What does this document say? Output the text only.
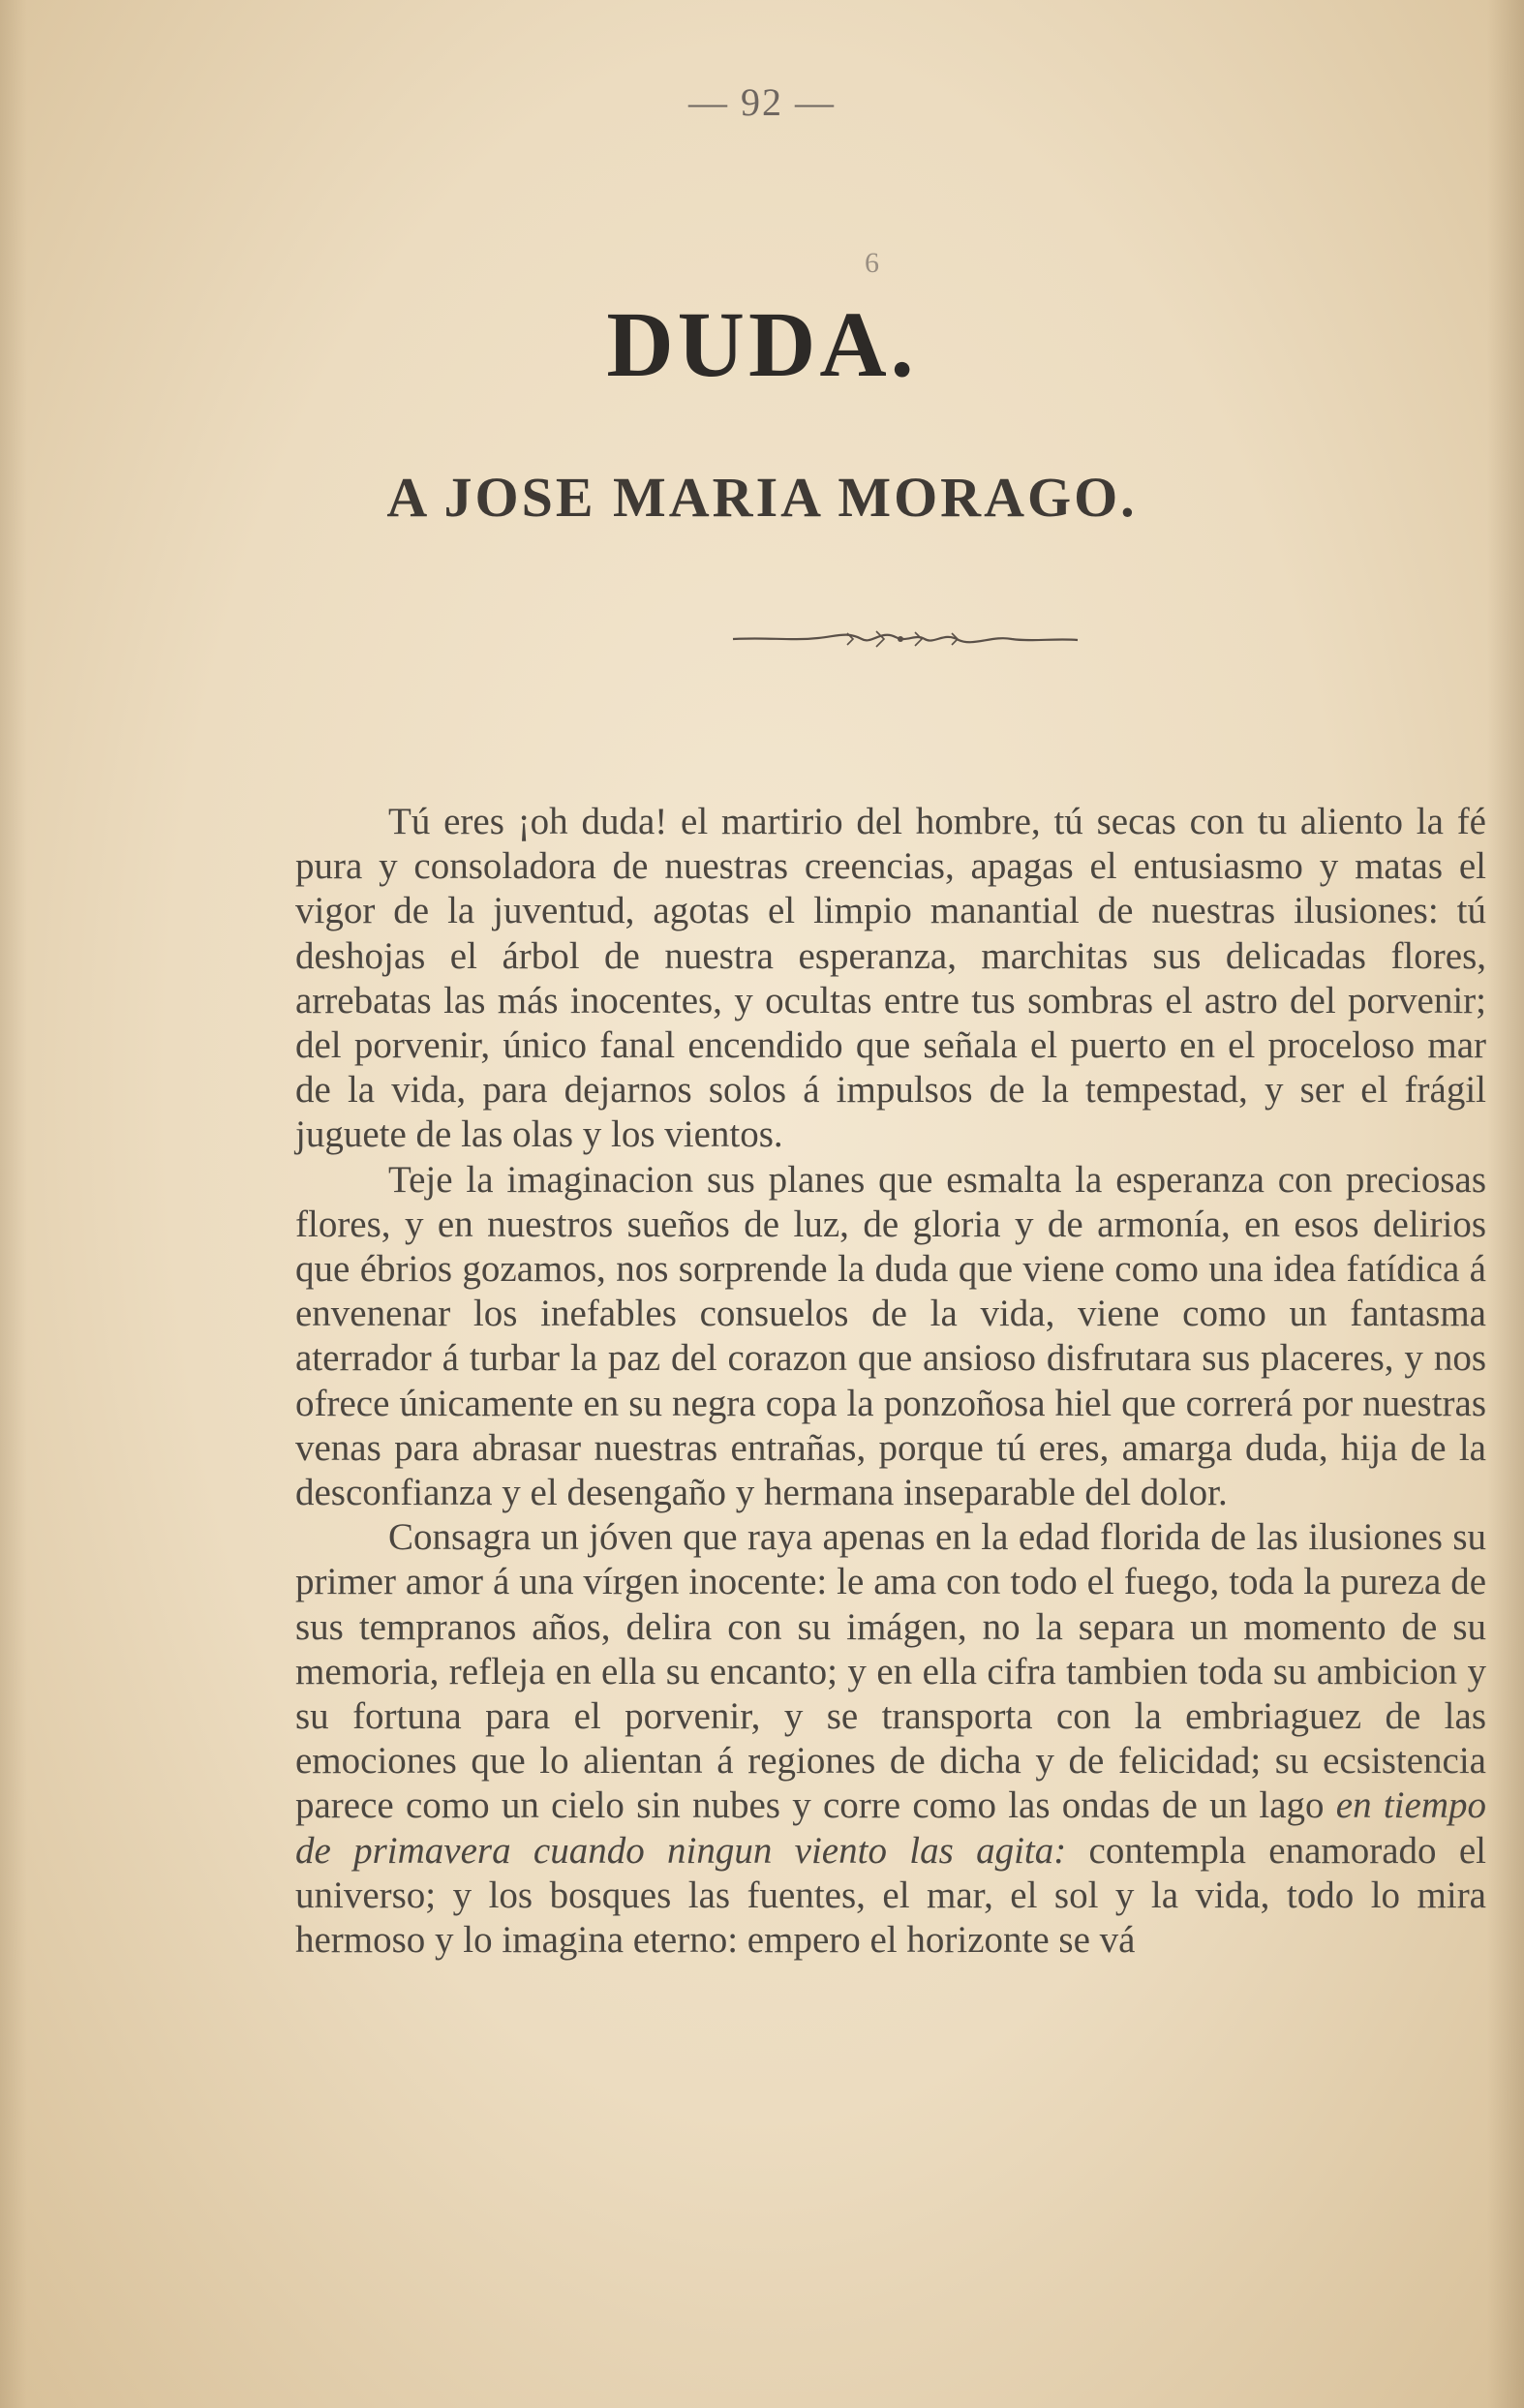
— 92 —
6
DUDA.
A JOSE MARIA MORAGO.

Tú eres ¡oh duda! el martirio del hombre, tú secas con tu aliento la fé pura y consoladora de nuestras creencias, apagas el entusiasmo y matas el vigor de la juventud, agotas el limpio manantial de nuestras ilusiones: tú deshojas el árbol de nuestra esperanza, marchitas sus delicadas flores, arrebatas las más inocentes, y ocultas entre tus sombras el astro del porvenir; del porvenir, único fanal encendido que señala el puerto en el proceloso mar de la vida, para dejarnos solos á impulsos de la tempestad, y ser el frágil juguete de las olas y los vientos.

Teje la imaginacion sus planes que esmalta la esperanza con preciosas flores, y en nuestros sueños de luz, de gloria y de armonía, en esos delirios que ébrios gozamos, nos sorprende la duda que viene como una idea fatídica á envenenar los inefables consuelos de la vida, viene como un fantasma aterrador á turbar la paz del corazon que ansioso disfrutara sus placeres, y nos ofrece únicamente en su negra copa la ponzoñosa hiel que correrá por nuestras venas para abrasar nuestras entrañas, porque tú eres, amarga duda, hija de la desconfianza y el desengaño y hermana inseparable del dolor.

Consagra un jóven que raya apenas en la edad florida de las ilusiones su primer amor á una vírgen inocente: le ama con todo el fuego, toda la pureza de sus tempranos años, delira con su imágen, no la separa un momento de su memoria, refleja en ella su encanto; y en ella cifra tambien toda su ambicion y su fortuna para el porvenir, y se transporta con la embriaguez de las emociones que lo alientan á regiones de dicha y de felicidad; su ecsistencia parece como un cielo sin nubes y corre como las ondas de un lago en tiempo de primavera cuando ningun viento las agita: contempla enamorado el universo; y los bosques las fuentes, el mar, el sol y la vida, todo lo mira hermoso y lo imagina eterno: empero el horizonte se vá
